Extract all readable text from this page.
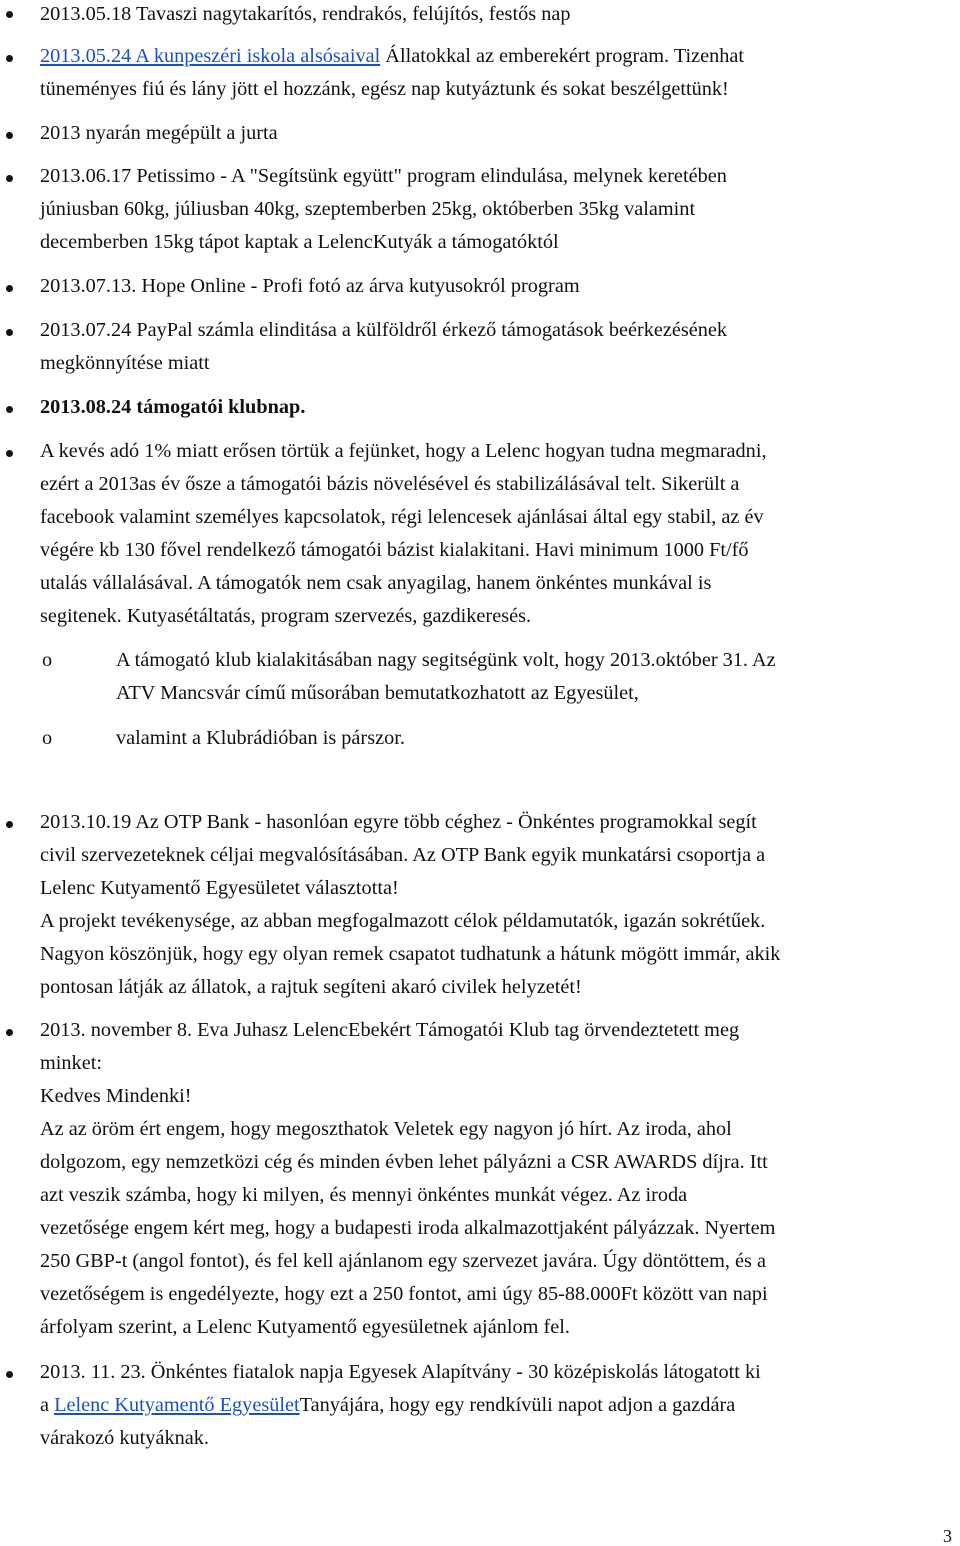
2013.05.18 Tavaszi nagytakarítós, rendrakós, felújítós, festős nap
2013.05.24 A kunpeszéri iskola alsósaival Állatokkal az emberekért program. Tizenhat
tüneményes fiú és lány jött el hozzánk, egész nap kutyáztunk és sokat beszélgettünk!
2013 nyarán megépült a jurta
2013.06.17 Petissimo - A "Segítsünk együtt" program elindulása, melynek keretében
júniusban 60kg, júliusban 40kg, szeptemberben 25kg, októberben 35kg valamint
decemberben 15kg tápot kaptak a LelencKutyák a támogatóktól
2013.07.13. Hope Online - Profi fotó az árva kutyusokról program
2013.07.24 PayPal számla elinditása a külföldről érkező támogatások beérkezésének
megkönnyítése miatt
2013.08.24 támogatói klubnap.
A kevés adó 1% miatt erősen törtük a fejünket, hogy a Lelenc hogyan tudna megmaradni,
ezért a 2013as év ősze a támogatói bázis növelésével és stabilizálásával telt. Sikerült a
facebook valamint személyes kapcsolatok, régi lelencesek ajánlásai által egy stabil, az év
végére kb 130 fővel rendelkező támogatói bázist kialakitani. Havi minimum 1000 Ft/fő
utalás vállalásával. A támogatók nem csak anyagilag, hanem önkéntes munkával is
segitenek. Kutyasétáltatás, program szervezés, gazdikeresés.
o	A támogató klub kialakitásában nagy segitségünk volt, hogy 2013.október 31. Az
ATV Mancsvár című műsorában bemutatkozhatott az Egyesület,
o	valamint a Klubrádióban is párszor.
2013.10.19 Az OTP Bank - hasonlóan egyre több céghez - Önkéntes programokkal segít
civil szervezeteknek céljai megvalósításában. Az OTP Bank egyik munkatársi csoportja a
Lelenc Kutyamentő Egyesületet választotta!
A projekt tevékenysége, az abban megfogalmazott célok példamutatók, igazán sokrétűek.
Nagyon köszönjük, hogy egy olyan remek csapatot tudhatunk a hátunk mögött immár, akik
pontosan látják az állatok, a rajtuk segíteni akaró civilek helyzetét!
2013. november 8. Eva Juhasz LelencEbekért Támogatói Klub tag örvendeztetett meg
minket:
Kedves Mindenki!
Az az öröm ért engem, hogy megoszthatok Veletek egy nagyon jó hírt. Az iroda, ahol
dolgozom, egy nemzetközi cég és minden évben lehet pályázni a CSR AWARDS díjra. Itt
azt veszik számba, hogy ki milyen, és mennyi önkéntes munkát végez. Az iroda
vezetősége engem kért meg, hogy a budapesti iroda alkalmazottjaként pályázzak. Nyertem
250 GBP-t (angol fontot), és fel kell ajánlanom egy szervezet javára. Úgy döntöttem, és a
vezetőségem is engedélyezte, hogy ezt a 250 fontot, ami úgy 85-88.000Ft között van napi
árfolyam szerint, a Lelenc Kutyamentő egyesületnek ajánlom fel.
2013. 11. 23. Önkéntes fiatalok napja Egyesek Alapítvány - 30 középiskolás látogatott ki
a Lelenc Kutyamentő EgyesületTanyájára, hogy egy rendkívüli napot adjon a gazdára
várakozó kutyáknak.
3
